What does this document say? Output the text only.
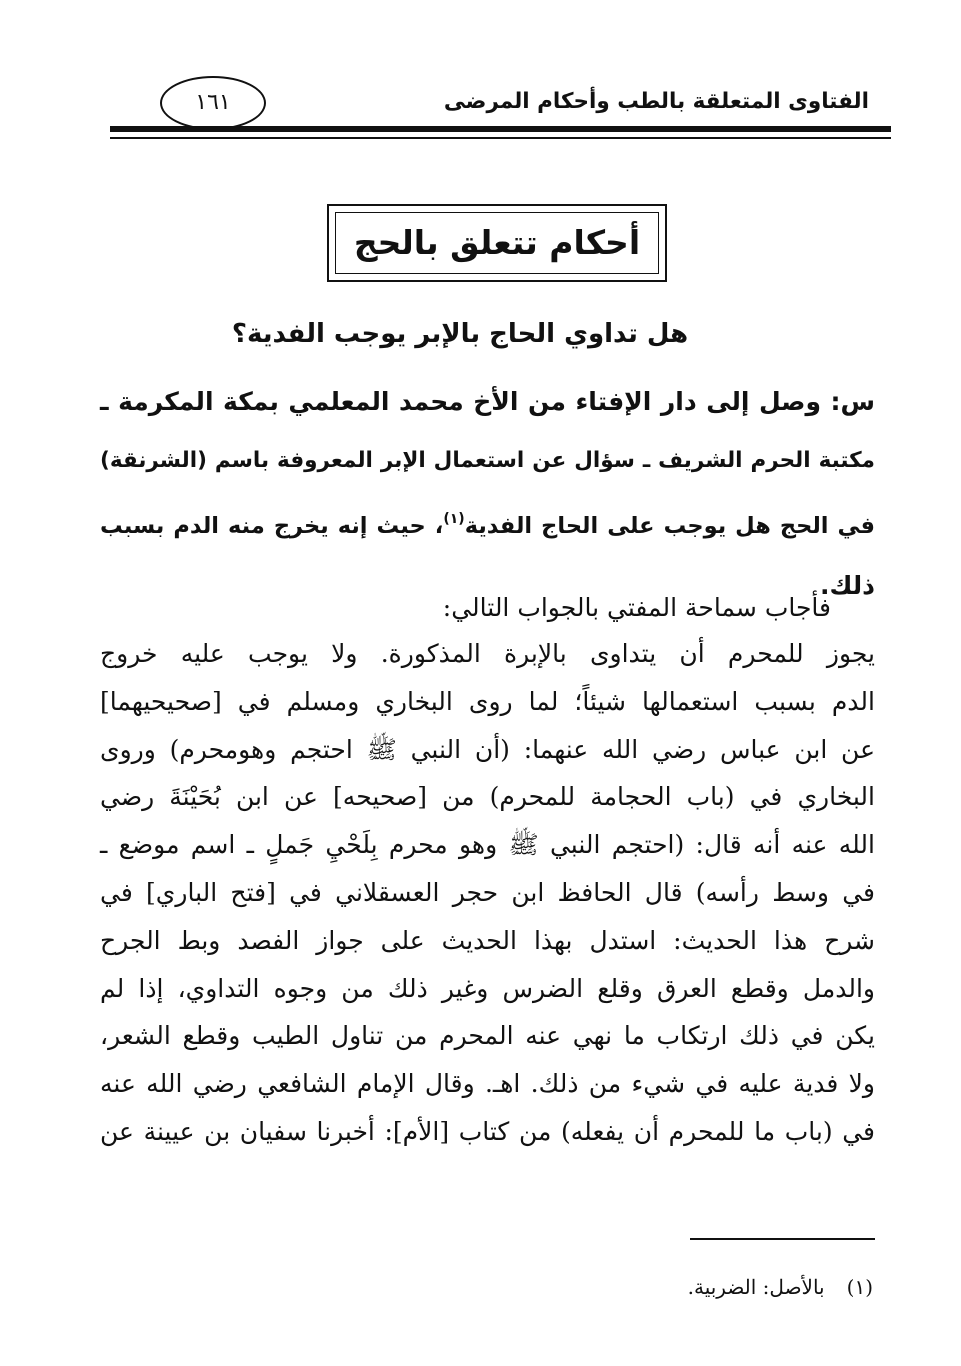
الفتاوى المتعلقة بالطب وأحكام المرضى
١٦١
أحكام تتعلق بالحج
هل تداوي الحاج بالإبر يوجب الفدية؟
س: وصل إلى دار الإفتاء من الأخ محمد المعلمي بمكة المكرمة ـ
مكتبة الحرم الشريف ـ سؤال عن استعمال الإبر المعروفة باسم (الشرنقة)
في الحج هل يوجب على الحاج الفدية$^{(١)}$، حيث إنه يخرج منه الدم بسبب
ذلك.
فأجاب سماحة المفتي بالجواب التالي:
يجوز للمحرم أن يتداوى بالإبرة المذكورة. ولا يوجب عليه خروج
الدم بسبب استعمالها شيئاً؛ لما روى البخاري ومسلم في [صحيحيهما]
عن ابن عباس رضي الله عنهما: (أن النبي ﷺ احتجم وهومحرم) وروى
البخاري في (باب الحجامة للمحرم) من [صحيحه] عن ابن بُحَيْنَةَ رضي
الله عنه أنه قال: (احتجم النبي ﷺ وهو محرم بِلَحْيِ جَملٍ ـ اسم موضع ـ
في وسط رأسه) قال الحافظ ابن حجر العسقلاني في [فتح الباري] في
شرح هذا الحديث: استدل بهذا الحديث على جواز الفصد وبط الجرح
والدمل وقطع العرق وقلع الضرس وغير ذلك من وجوه التداوي، إذا لم
يكن في ذلك ارتكاب ما نهي عنه المحرم من تناول الطيب وقطع الشعر،
ولا فدية عليه في شيء من ذلك. اهـ. وقال الإمام الشافعي رضي الله عنه
في (باب ما للمحرم أن يفعله) من كتاب [الأم]: أخبرنا سفيان بن عيينة عن
(١)بالأصل: الضربية.
